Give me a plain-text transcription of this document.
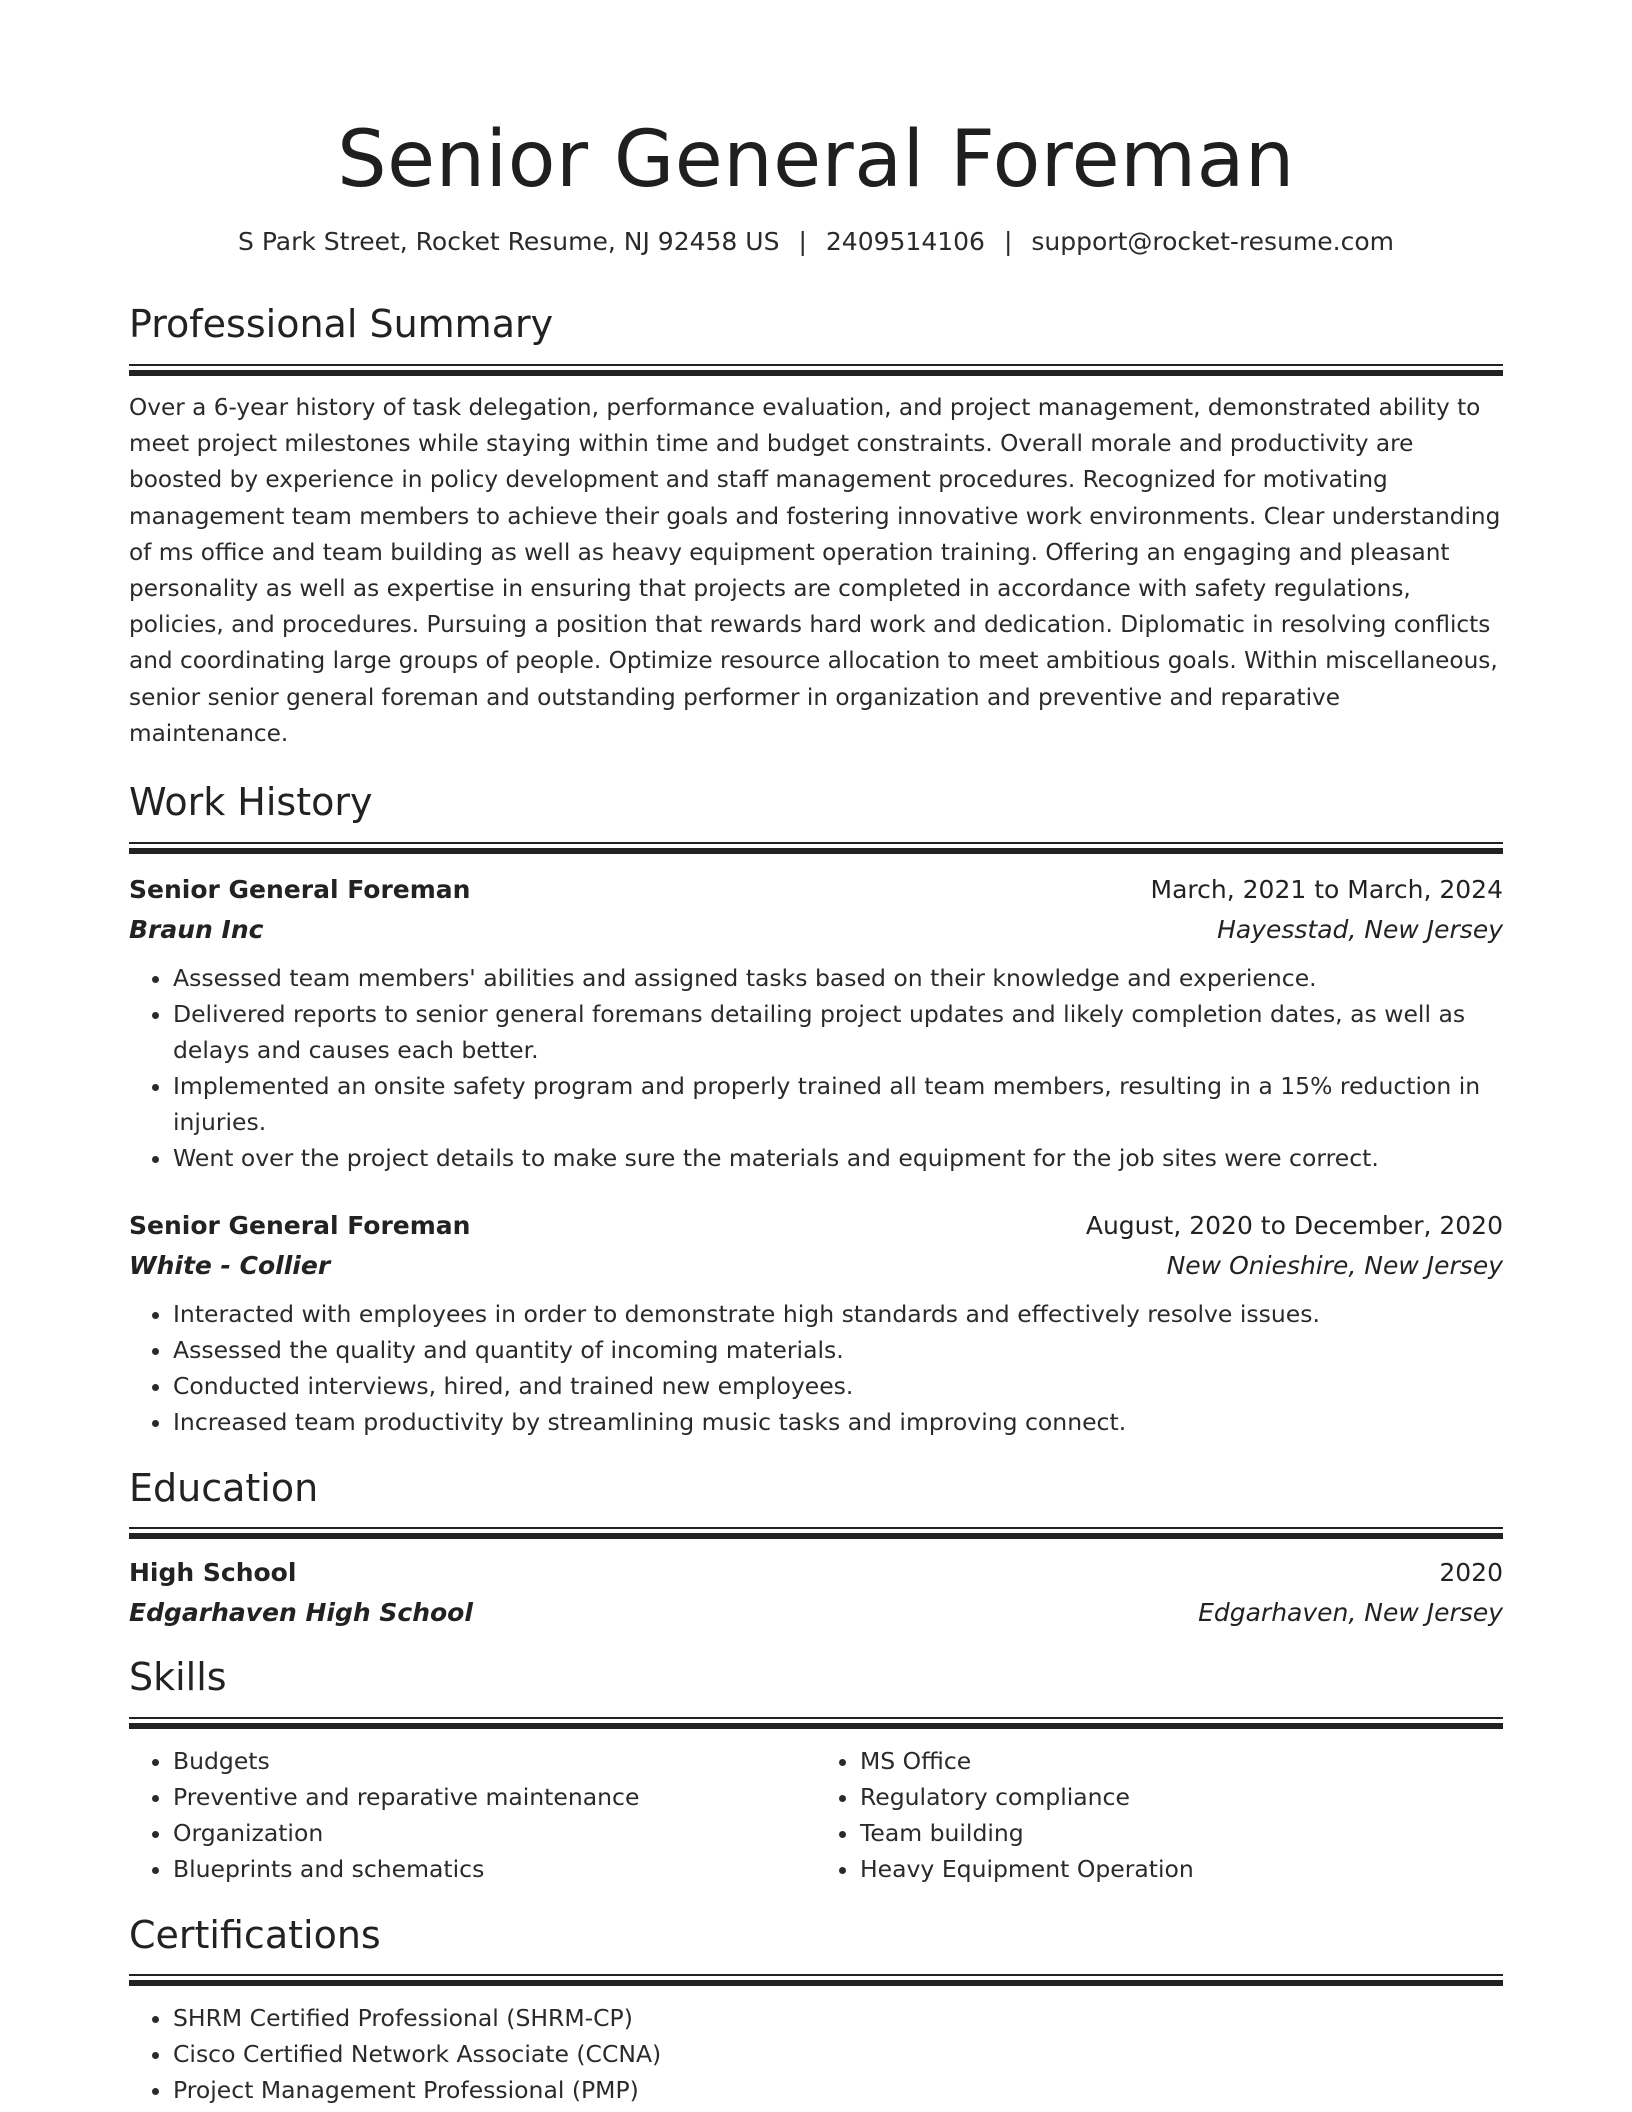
Senior General Foreman
S Park Street, Rocket Resume, NJ 92458 US | 2409514106 | support@rocket-resume.com
Professional Summary

Over a 6-year history of task delegation, performance evaluation, and project management, demonstrated ability to meet project milestones while staying within time and budget constraints. Overall morale and productivity are boosted by experience in policy development and staff management procedures. Recognized for motivating management team members to achieve their goals and fostering innovative work environments. Clear understanding of ms office and team building as well as heavy equipment operation training. Offering an engaging and pleasant personality as well as expertise in ensuring that projects are completed in accordance with safety regulations, policies, and procedures. Pursuing a position that rewards hard work and dedication. Diplomatic in resolving conflicts and coordinating large groups of people. Optimize resource allocation to meet ambitious goals. Within miscellaneous, senior senior general foreman and outstanding performer in organization and preventive and reparative maintenance.

Work History
Senior General Foreman	March, 2021 to March, 2024
Braun Inc	Hayesstad, New Jersey
• Assessed team members' abilities and assigned tasks based on their knowledge and experience.
• Delivered reports to senior general foremans detailing project updates and likely completion dates, as well as delays and causes each better.
• Implemented an onsite safety program and properly trained all team members, resulting in a 15% reduction in injuries.
• Went over the project details to make sure the materials and equipment for the job sites were correct.
Senior General Foreman	August, 2020 to December, 2020
White - Collier	New Onieshire, New Jersey
• Interacted with employees in order to demonstrate high standards and effectively resolve issues.
• Assessed the quality and quantity of incoming materials.
• Conducted interviews, hired, and trained new employees.
• Increased team productivity by streamlining music tasks and improving connect.
Education
High School	2020
Edgarhaven High School	Edgarhaven, New Jersey
Skills
• Budgets
• Preventive and reparative maintenance
• Organization
• Blueprints and schematics
• MS Office
• Regulatory compliance
• Team building
• Heavy Equipment Operation
Certifications
• SHRM Certified Professional (SHRM-CP)
• Cisco Certified Network Associate (CCNA)
• Project Management Professional (PMP)
